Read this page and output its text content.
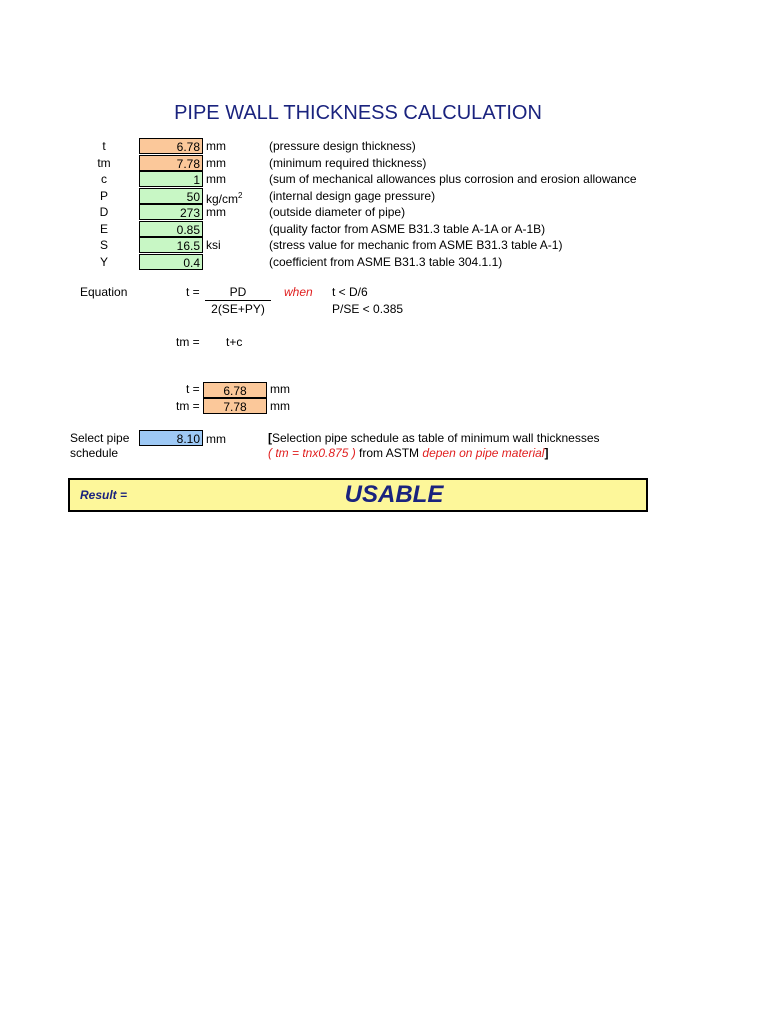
PIPE WALL THICKNESS CALCULATION
t	6.78 mm	(pressure design thickness)
tm	7.78 mm	(minimum required thickness)
c	1 mm	(sum of mechanical allowances plus corrosion and erosion allowance
P	50 $kg/cm^2$ (internal design gage pressure)
D	273 mm	(outside diameter of pipe)
E	0.85	(quality factor from ASME B31.3 table A-1A or A-1B)
S	16.5 ksi	(stress value for mechanic from ASME B31.3 table A-1)
Y	0.4	(coefficient from ASME B31.3 table 304.1.1)
Equation	t =	PD
2(SE+PY)
when t < D/6
P/SE < 0.385
tm = t+c
t =	6.78	mm
tm =	7.78	mm
Select pipe
schedule
8.10 mm	[Selection pipe schedule as table of minimum wall thicknesses
( tm = tnx0.875 ) from ASTM depen on pipe material]
Result =	USABLE
